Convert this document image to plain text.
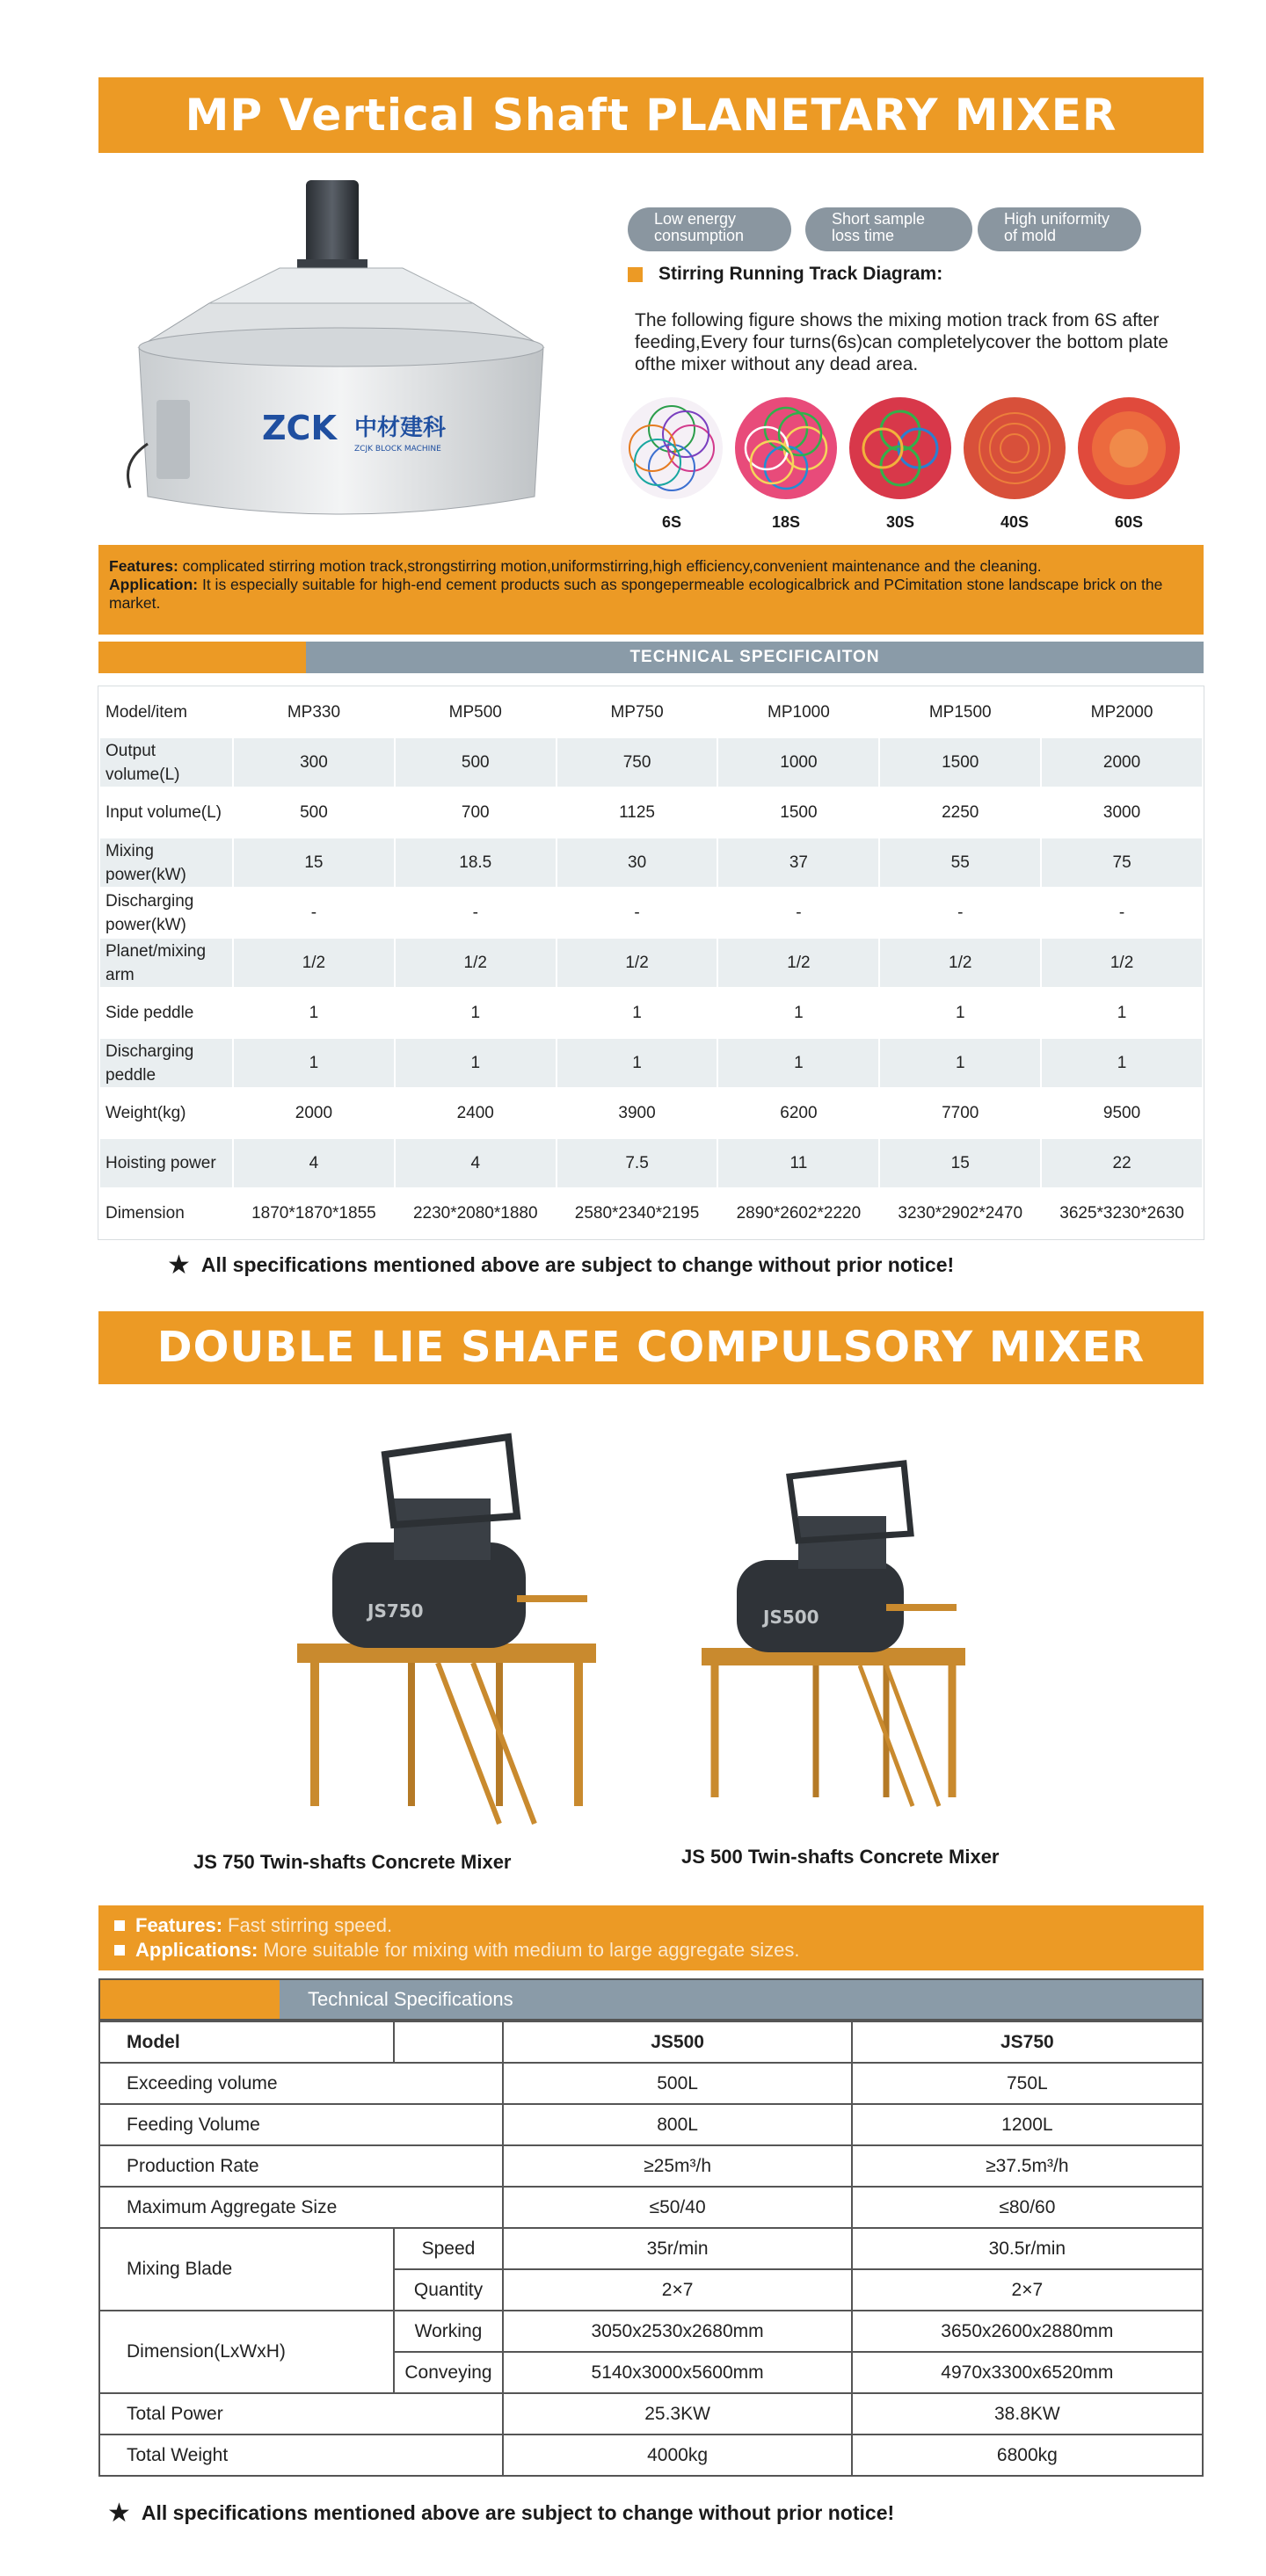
MP Vertical Shaft PLANETARY MIXER
ZCK 中材建科
ZCJK BLOCK MACHINE
Low energy
consumption
Short sample
loss time
High uniformity
of mold
Stirring Running Track Diagram:
The following figure shows the mixing motion track from 6S after feeding,Every four turns(6s)can completelycover the bottom plate ofthe mixer without any dead area.
6S	18S	30S	40S	60S
Features: complicated stirring motion track,strongstirring motion,uniformstirring,high efficiency,convenient maintenance and the cleaning.
Application: It is especially suitable for high-end cement products such as spongepermeable ecologicalbrick and PCimitation stone landscape brick on the market.
TECHNICAL SPECIFICAITON
Model/item	MP330	MP500	MP750	MP1000	MP1500	MP2000
Output volume(L)	300	500	750	1000	1500	2000
Input volume(L)	500	700	1125	1500	2250	3000
Mixing power(kW)	15	18.5	30	37	55	75
Discharging power(kW)	-	-	-	-	-	-
Planet/mixing arm	1/2	1/2	1/2	1/2	1/2	1/2
Side peddle	1	1	1	1	1	1
Discharging peddle	1	1	1	1	1	1
Weight(kg)	2000	2400	3900	6200	7700	9500
Hoisting power	4	4	7.5	11	15	22
Dimension	1870*1870*1855	2230*2080*1880	2580*2340*2195	2890*2602*2220	3230*2902*2470	3625*3230*2630
★ All specifications mentioned above are subject to change without prior notice!
DOUBLE LIE SHAFE COMPULSORY MIXER
JS750	JS500
JS 750 Twin-shafts Concrete Mixer	JS 500 Twin-shafts Concrete Mixer
Features: Fast stirring speed.
Applications: More suitable for mixing with medium to large aggregate sizes.
Technical Specifications
Model		JS500	JS750
Exceeding volume		500L	750L
Feeding Volume		800L	1200L
Production Rate		≥25m³/h	≥37.5m³/h
Maximum Aggregate Size		≤50/40	≤80/60
Mixing Blade	Speed	35r/min	30.5r/min
	Quantity	2×7	2×7
Dimension(LxWxH)	Working	3050x2530x2680mm	3650x2600x2880mm
	Conveying	5140x3000x5600mm	4970x3300x6520mm
Total Power		25.3KW	38.8KW
Total Weight		4000kg	6800kg
★ All specifications mentioned above are subject to change without prior notice!
